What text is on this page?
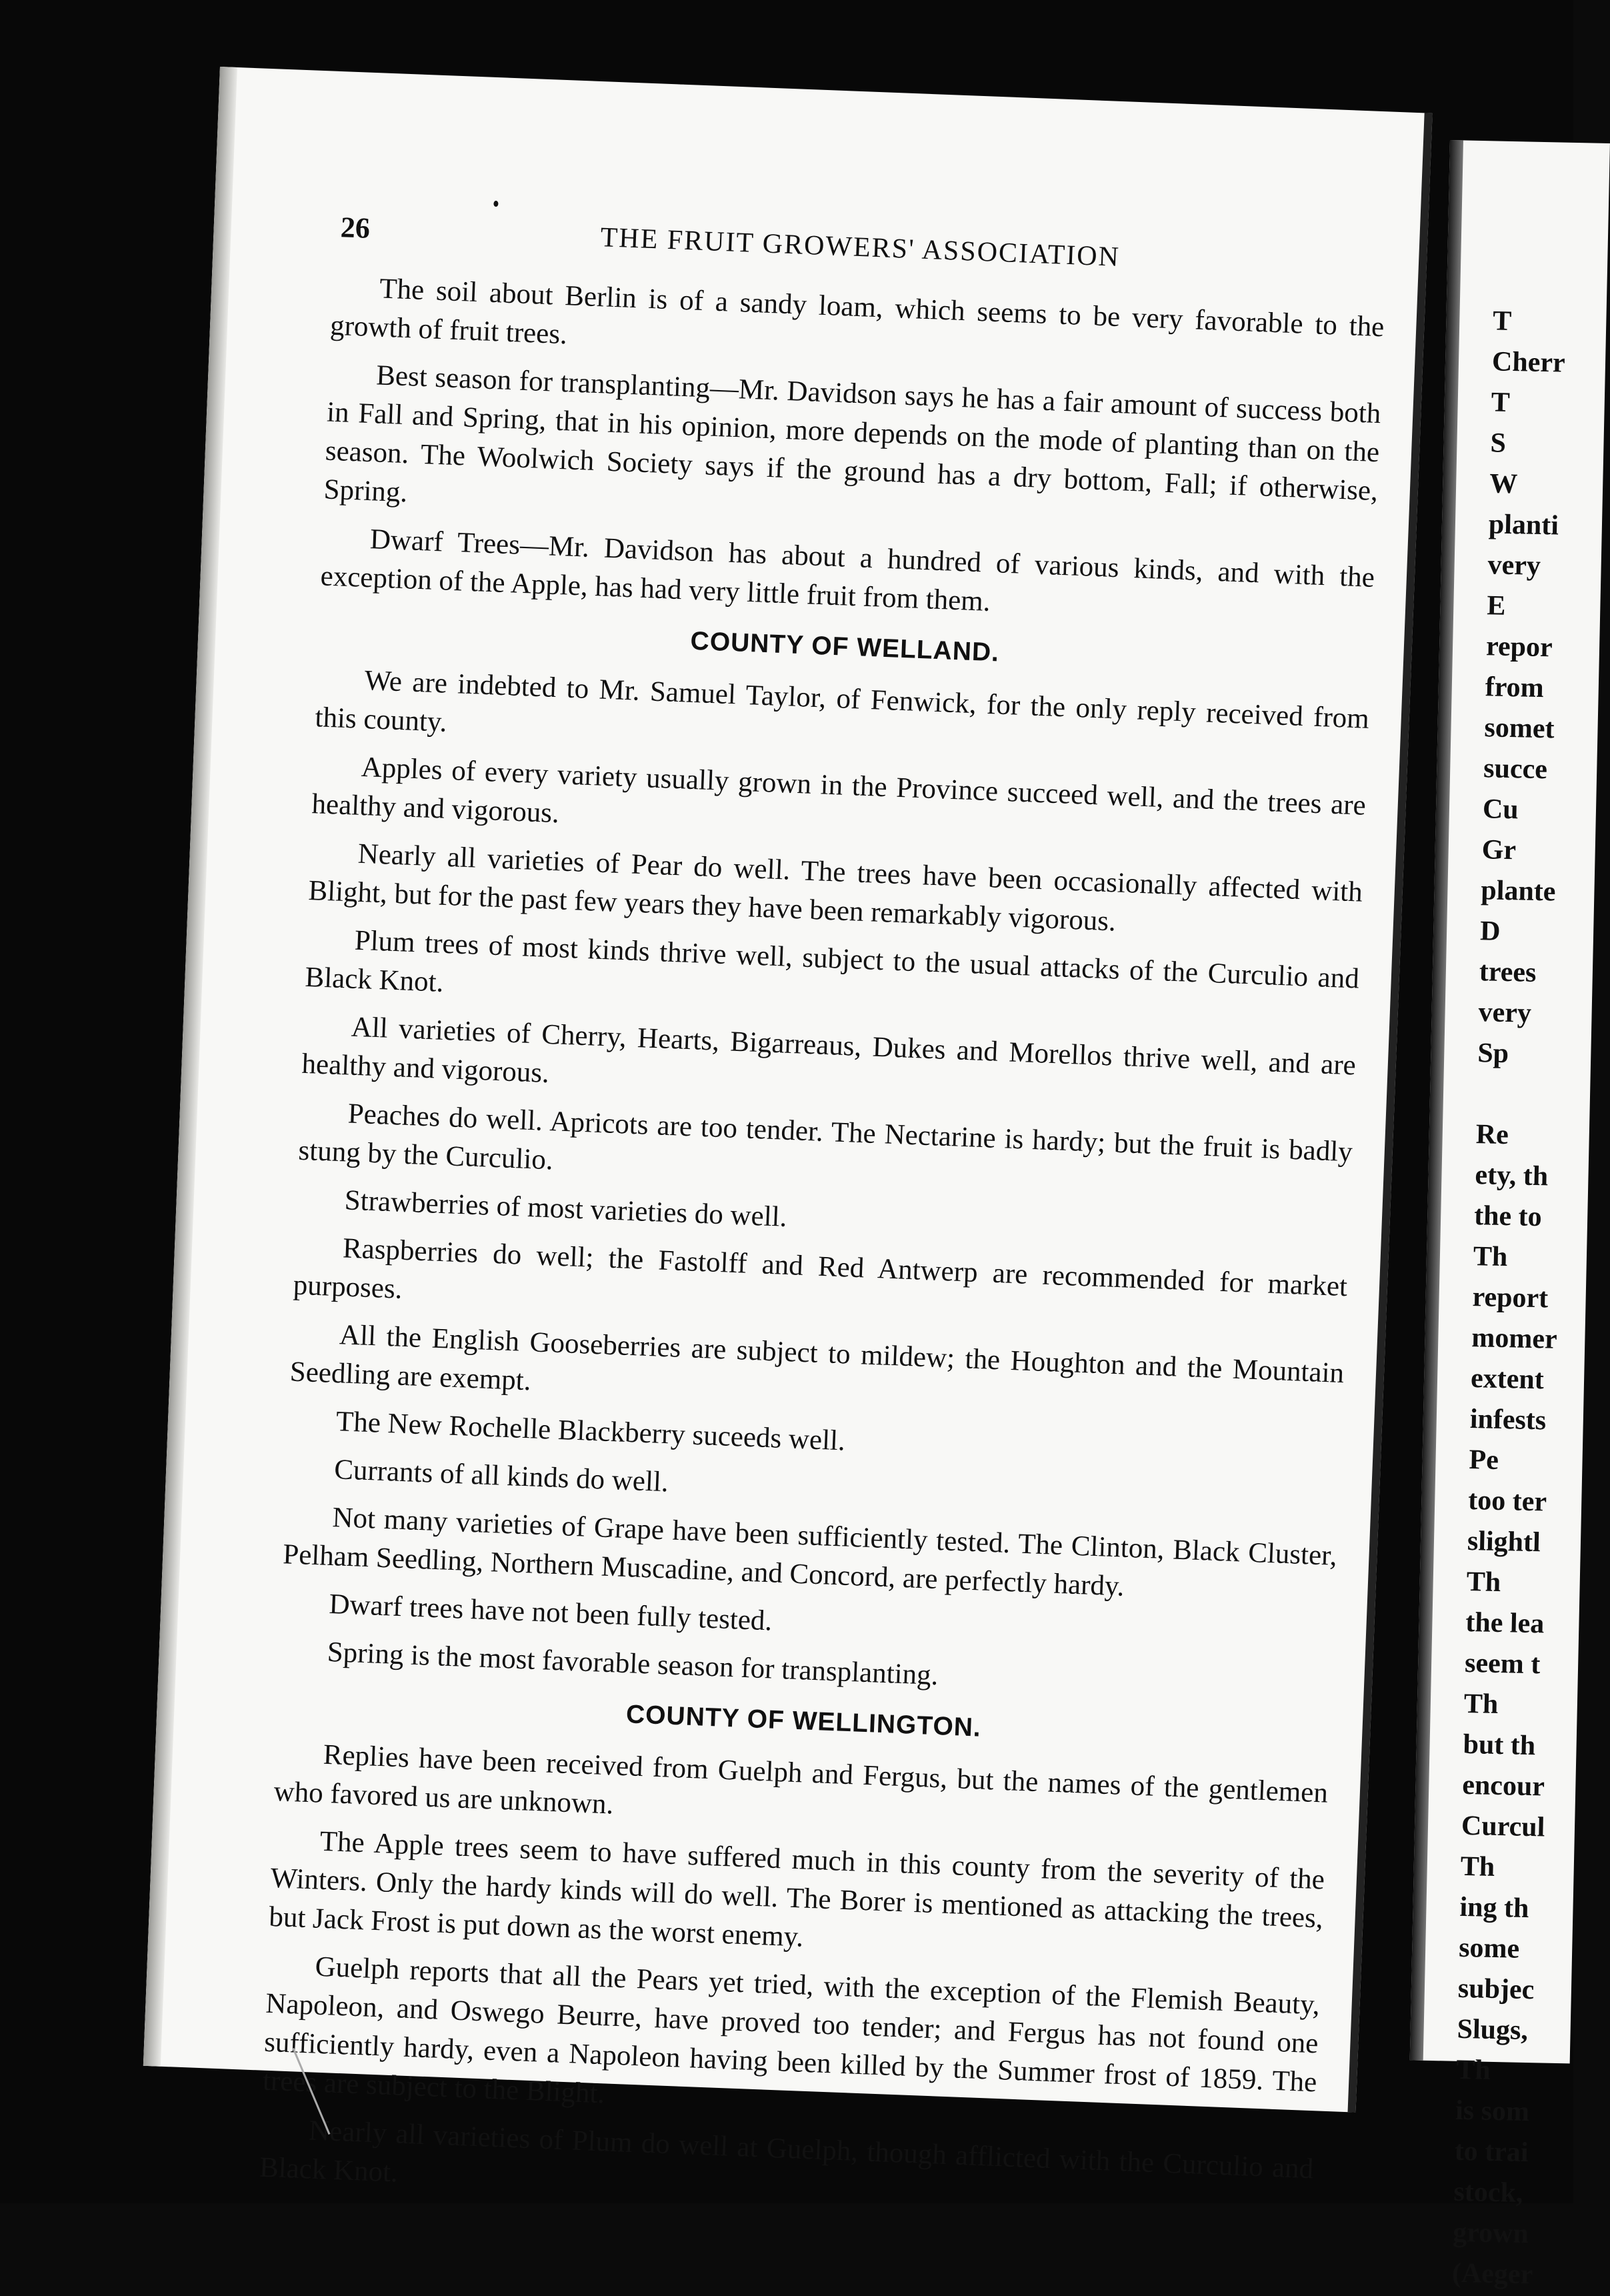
26	THE FRUIT GROWERS' ASSOCIATION

The soil about Berlin is of a sandy loam, which seems to be very favorable to the growth of fruit trees.

Best season for transplanting—Mr. Davidson says he has a fair amount of success both in Fall and Spring, that in his opinion, more depends on the mode of planting than on the season. The Woolwich Society says if the ground has a dry bottom, Fall; if otherwise, Spring.

Dwarf Trees—Mr. Davidson has about a hundred of various kinds, and with the exception of the Apple, has had very little fruit from them.

COUNTY OF WELLAND.

We are indebted to Mr. Samuel Taylor, of Fenwick, for the only reply received from this county.

Apples of every variety usually grown in the Province succeed well, and the trees are healthy and vigorous.

Nearly all varieties of Pear do well. The trees have been occasionally affected with Blight, but for the past few years they have been remarkably vigorous.

Plum trees of most kinds thrive well, subject to the usual attacks of the Curculio and Black Knot.

All varieties of Cherry, Hearts, Bigarreaus, Dukes and Morellos thrive well, and are healthy and vigorous.

Peaches do well. Apricots are too tender. The Nectarine is hardy; but the fruit is badly stung by the Curculio.

Strawberries of most varieties do well.

Raspberries do well; the Fastolff and Red Antwerp are recommended for market purposes.

All the English Gooseberries are subject to mildew; the Houghton and the Mountain Seedling are exempt.

The New Rochelle Blackberry suceeds well.

Currants of all kinds do well.

Not many varieties of Grape have been sufficiently tested. The Clinton, Black Cluster, Pelham Seedling, Northern Muscadine, and Concord, are perfectly hardy.

Dwarf trees have not been fully tested.

Spring is the most favorable season for transplanting.

COUNTY OF WELLINGTON.

Replies have been received from Guelph and Fergus, but the names of the gentlemen who favored us are unknown.

The Apple trees seem to have suffered much in this county from the severity of the Winters. Only the hardy kinds will do well. The Borer is mentioned as attacking the trees, but Jack Frost is put down as the worst enemy.

Guelph reports that all the Pears yet tried, with the exception of the Flemish Beauty, Napoleon, and Oswego Beurre, have proved too tender; and Fergus has not found one sufficiently hardy, even a Napoleon having been killed by the Summer frost of 1859. The trees are subject to the Blight.

Nearly all varieties of Plum do well at Guelph, though afflicted with the Curculio and Black Knot.

T
Cherr
T
S
W
planti
very
E
repor
from
somet
succe
Cu
Gr
plante
D
trees
very
Sp
Re
ety, th
the to
Th
report
momer
extent
infests
Pe
too ter
slightl
Th
the lea
seem t
Th
but th
encour
Curcul
Th
ing th
some
subjec
Slugs,
Th
is som
to trai
stock,
grown
(Aeger
